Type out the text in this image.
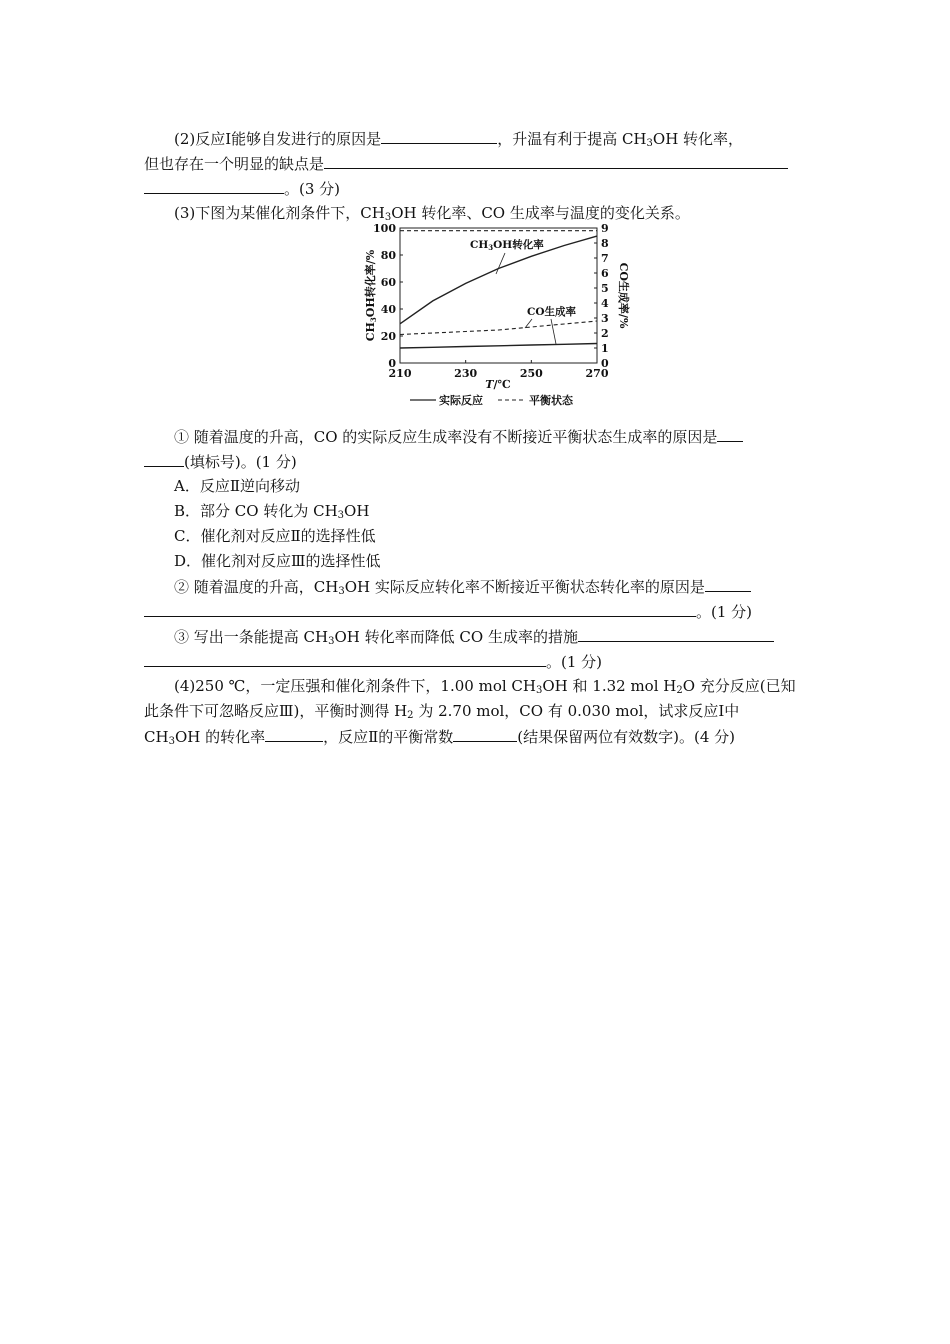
(2)反应Ⅰ能够自发进行的原因是	，升温有利于提高 $CH_3OH$ 转化率，
但也存在一个明显的缺点是
。(3 分)
(3)下图为某催化剂条件下，$CH_3OH$ 转化率、CO 生成率与温度的变化关系。
210	230	250	270
0
20
40
60
80
100
0
1
2
3
4
5
6
7
8
9
CH3OH转化率
CO生成率
T/℃
CH3OH转化率/%	CO生成率/%
实际反应	平衡状态
① 随着温度的升高，CO 的实际反应生成率没有不断接近平衡状态生成率的原因是
(填标号)。(1 分)
A．反应Ⅱ逆向移动
B．部分 CO 转化为 $CH_3OH$
C．催化剂对反应Ⅱ的选择性低
D．催化剂对反应Ⅲ的选择性低
② 随着温度的升高，$CH_3OH$ 实际反应转化率不断接近平衡状态转化率的原因是
。(1 分)
③ 写出一条能提高 $CH_3OH$ 转化率而降低 CO 生成率的措施
。(1 分)
(4)250 ℃，一定压强和催化剂条件下，1.00 mol $CH_3OH$ 和 1.32 mol $H_2O$ 充分反应(已知
此条件下可忽略反应Ⅲ)，平衡时测得 $H_2$ 为 2.70 mol，CO 有 0.030 mol，试求反应Ⅰ中
$CH_3OH$ 的转化率	，反应Ⅱ的平衡常数	(结果保留两位有效数字)。(4 分)
